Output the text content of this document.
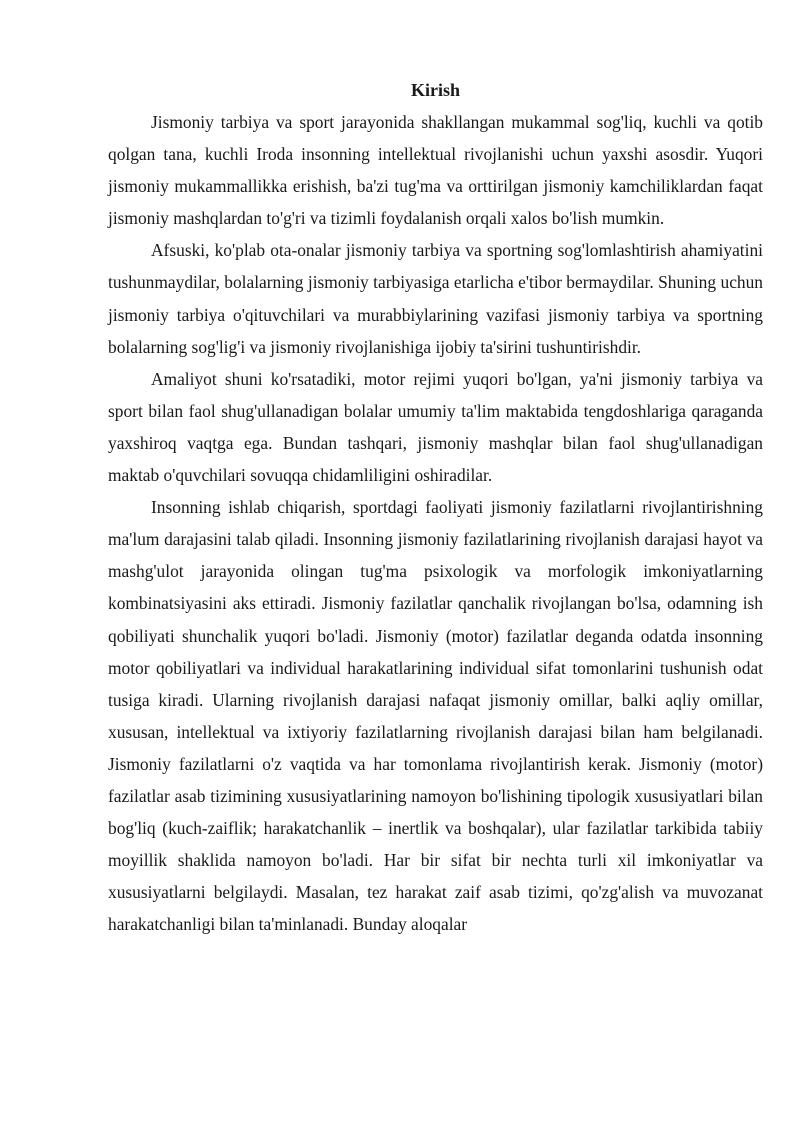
Kirish

Jismoniy tarbiya va sport jarayonida shakllangan mukammal sog'liq, kuchli va qotib qolgan tana, kuchli Iroda insonning intellektual rivojlanishi uchun yaxshi asosdir. Yuqori jismoniy mukammallikka erishish, ba'zi tug'ma va orttirilgan jismoniy kamchiliklardan faqat jismoniy mashqlardan to'g'ri va tizimli foydalanish orqali xalos bo'lish mumkin.

Afsuski, ko'plab ota-onalar jismoniy tarbiya va sportning sog'lomlashtirish ahamiyatini tushunmaydilar, bolalarning jismoniy tarbiyasiga etarlicha e'tibor bermaydilar. Shuning uchun jismoniy tarbiya o'qituvchilari va murabbiylarining vazifasi jismoniy tarbiya va sportning bolalarning sog'lig'i va jismoniy rivojlanishiga ijobiy ta'sirini tushuntirishdir.

Amaliyot shuni ko'rsatadiki, motor rejimi yuqori bo'lgan, ya'ni jismoniy tarbiya va sport bilan faol shug'ullanadigan bolalar umumiy ta'lim maktabida tengdoshlariga qaraganda yaxshiroq vaqtga ega. Bundan tashqari, jismoniy mashqlar bilan faol shug'ullanadigan maktab o'quvchilari sovuqqa chidamliligini oshiradilar.

Insonning ishlab chiqarish, sportdagi faoliyati jismoniy fazilatlarni rivojlantirishning ma'lum darajasini talab qiladi. Insonning jismoniy fazilatlarining rivojlanish darajasi hayot va mashg'ulot jarayonida olingan tug'ma psixologik va morfologik imkoniyatlarning kombinatsiyasini aks ettiradi. Jismoniy fazilatlar qanchalik rivojlangan bo'lsa, odamning ish qobiliyati shunchalik yuqori bo'ladi. Jismoniy (motor) fazilatlar deganda odatda insonning motor qobiliyatlari va individual harakatlarining individual sifat tomonlarini tushunish odat tusiga kiradi. Ularning rivojlanish darajasi nafaqat jismoniy omillar, balki aqliy omillar, xususan, intellektual va ixtiyoriy fazilatlarning rivojlanish darajasi bilan ham belgilanadi. Jismoniy fazilatlarni o'z vaqtida va har tomonlama rivojlantirish kerak. Jismoniy (motor) fazilatlar asab tizimining xususiyatlarining namoyon bo'lishining tipologik xususiyatlari bilan bog'liq (kuch-zaiflik; harakatchanlik – inertlik va boshqalar), ular fazilatlar tarkibida tabiiy moyillik shaklida namoyon bo'ladi. Har bir sifat bir nechta turli xil imkoniyatlar va xususiyatlarni belgilaydi. Masalan, tez harakat zaif asab tizimi, qo'zg'alish va muvozanat harakatchanligi bilan ta'minlanadi. Bunday aloqalar
